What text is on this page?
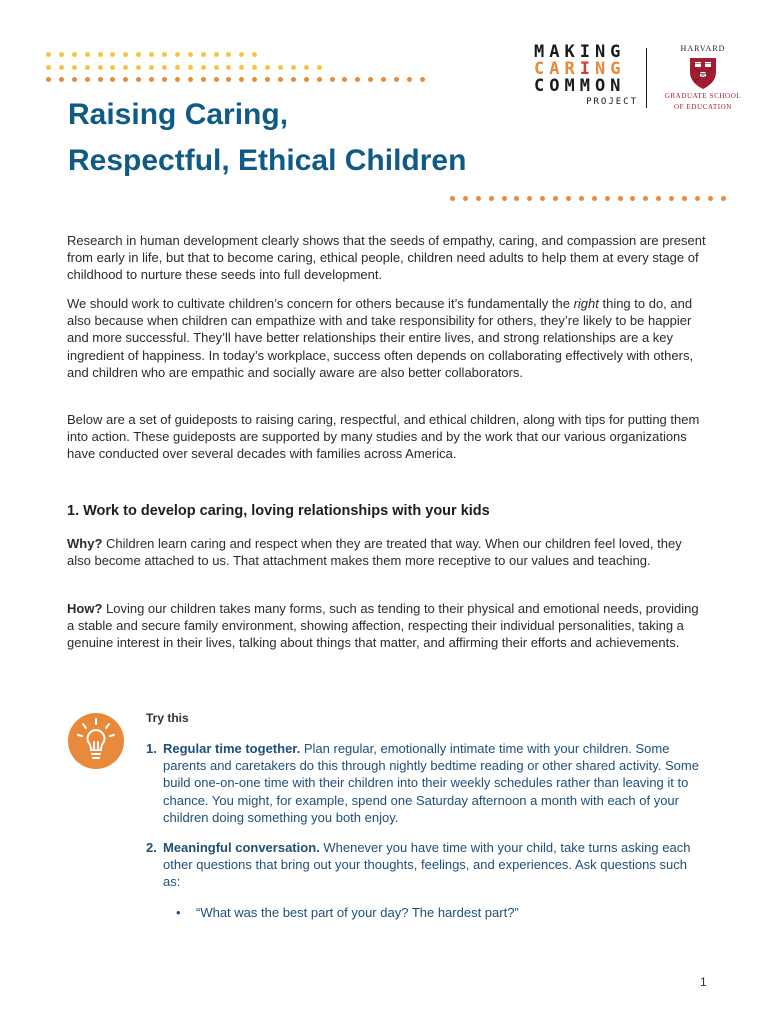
MAKING
CARING
COMMON
PROJECT
HARVARD
GRADUATE SCHOOL
OF EDUCATION
Raising Caring,
Respectful, Ethical Children
Research in human development clearly shows that the seeds of empathy, caring, and compassion are present from early in life, but that to become caring, ethical people, children need adults to help them at every stage of childhood to nurture these seeds into full development.
We should work to cultivate children’s concern for others because it’s fundamentally the right thing to do, and also because when children can empathize with and take responsibility for others, they’re likely to be happier and more successful. They’ll have better relationships their entire lives, and strong relationships are a key ingredient of happiness. In today’s workplace, success often depends on collaborating effectively with others, and children who are empathic and socially aware are also better collaborators.
Below are a set of guideposts to raising caring, respectful, and ethical children, along with tips for putting them into action. These guideposts are supported by many studies and by the work that our various organizations have conducted over several decades with families across America.
1. Work to develop caring, loving relationships with your kids
Why? Children learn caring and respect when they are treated that way. When our children feel loved, they also become attached to us. That attachment makes them more receptive to our values and teaching.
How? Loving our children takes many forms, such as tending to their physical and emotional needs, providing a stable and secure family environment, showing affection, respecting their individual personalities, taking a genuine interest in their lives, talking about things that matter, and affirming their efforts and achievements.
Try this
1. Regular time together. Plan regular, emotionally intimate time with your children. Some parents and caretakers do this through nightly bedtime reading or other shared activity. Some build one-on-one time with their children into their weekly schedules rather than leaving it to chance. You might, for example, spend one Saturday afternoon a month with each of your children doing something you both enjoy.
2. Meaningful conversation. Whenever you have time with your child, take turns asking each other questions that bring out your thoughts, feelings, and experiences. Ask questions such as:
• “What was the best part of your day? The hardest part?”
1
